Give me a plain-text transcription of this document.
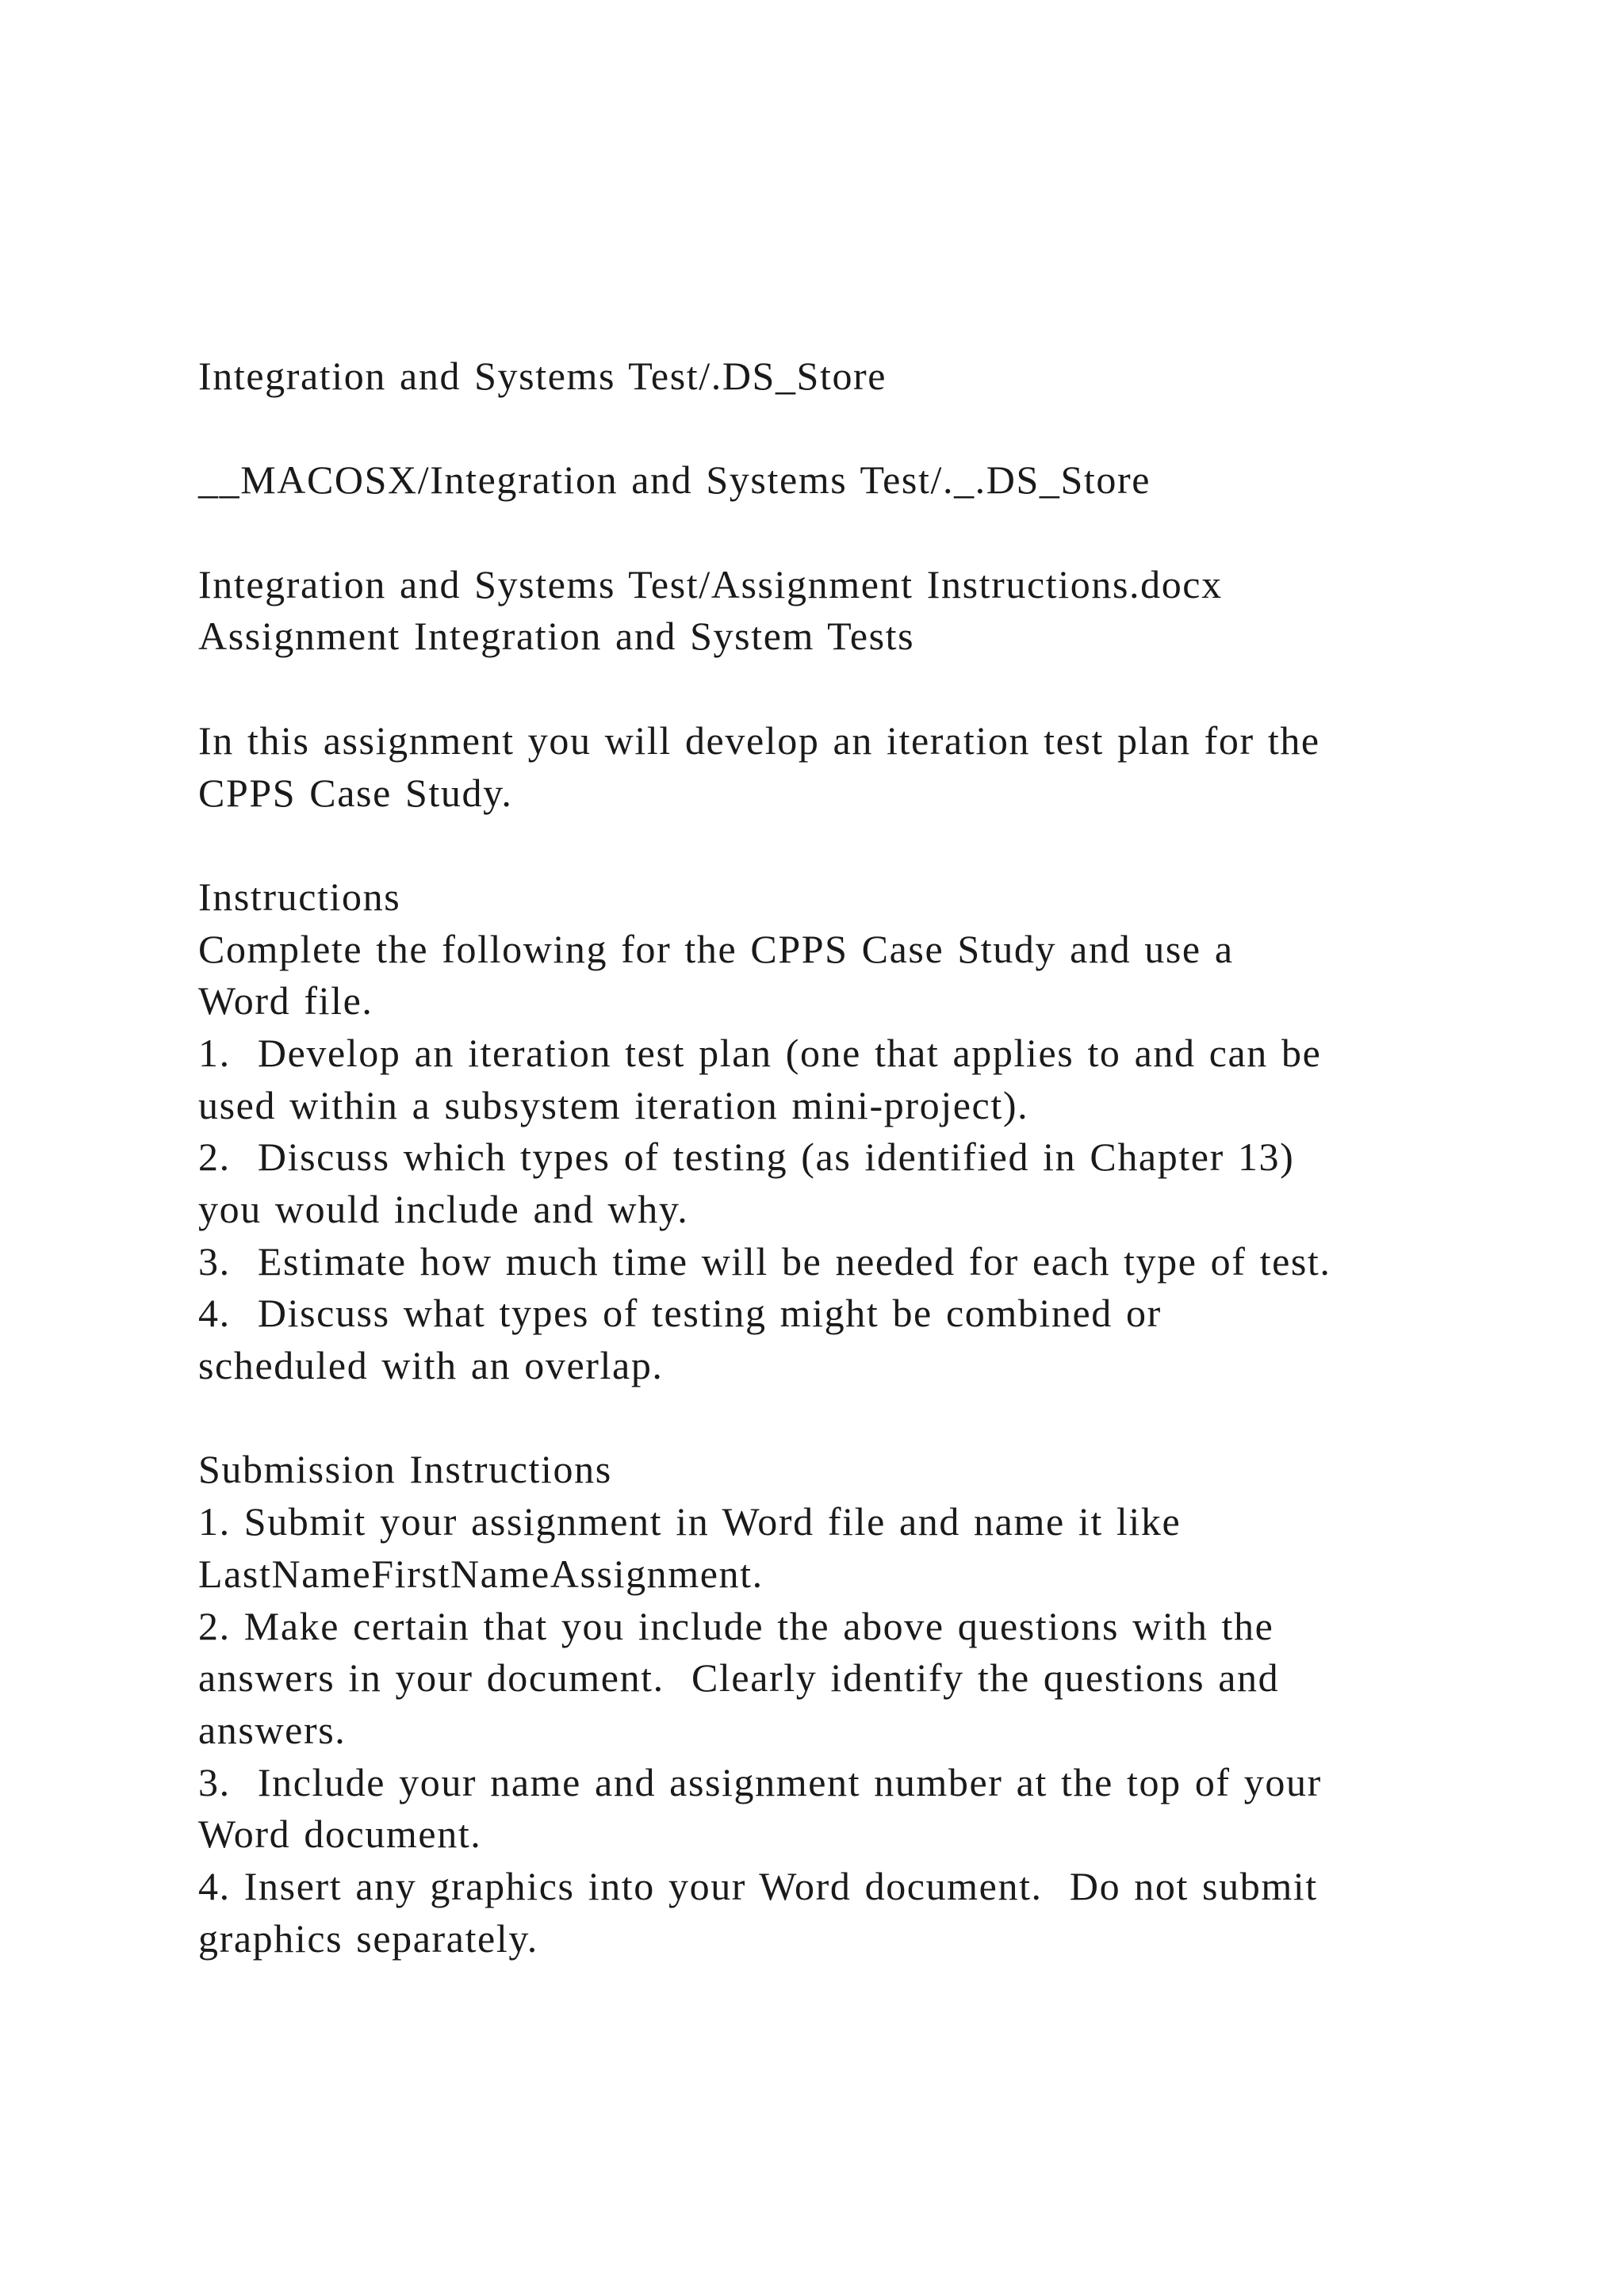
Integration and Systems Test/.DS_Store
__MACOSX/Integration and Systems Test/._.DS_Store
Integration and Systems Test/Assignment Instructions.docx
Assignment Integration and System Tests
In this assignment you will develop an iteration test plan for the
CPPS Case Study.
Instructions
Complete the following for the CPPS Case Study and use a
Word file.
1.  Develop an iteration test plan (one that applies to and can be
used within a subsystem iteration mini-project).
2.  Discuss which types of testing (as identified in Chapter 13)
you would include and why.
3.  Estimate how much time will be needed for each type of test.
4.  Discuss what types of testing might be combined or
scheduled with an overlap.
Submission Instructions
1. Submit your assignment in Word file and name it like
LastNameFirstNameAssignment.
2. Make certain that you include the above questions with the
answers in your document.  Clearly identify the questions and
answers.
3.  Include your name and assignment number at the top of your
Word document.
4. Insert any graphics into your Word document.  Do not submit
graphics separately.
